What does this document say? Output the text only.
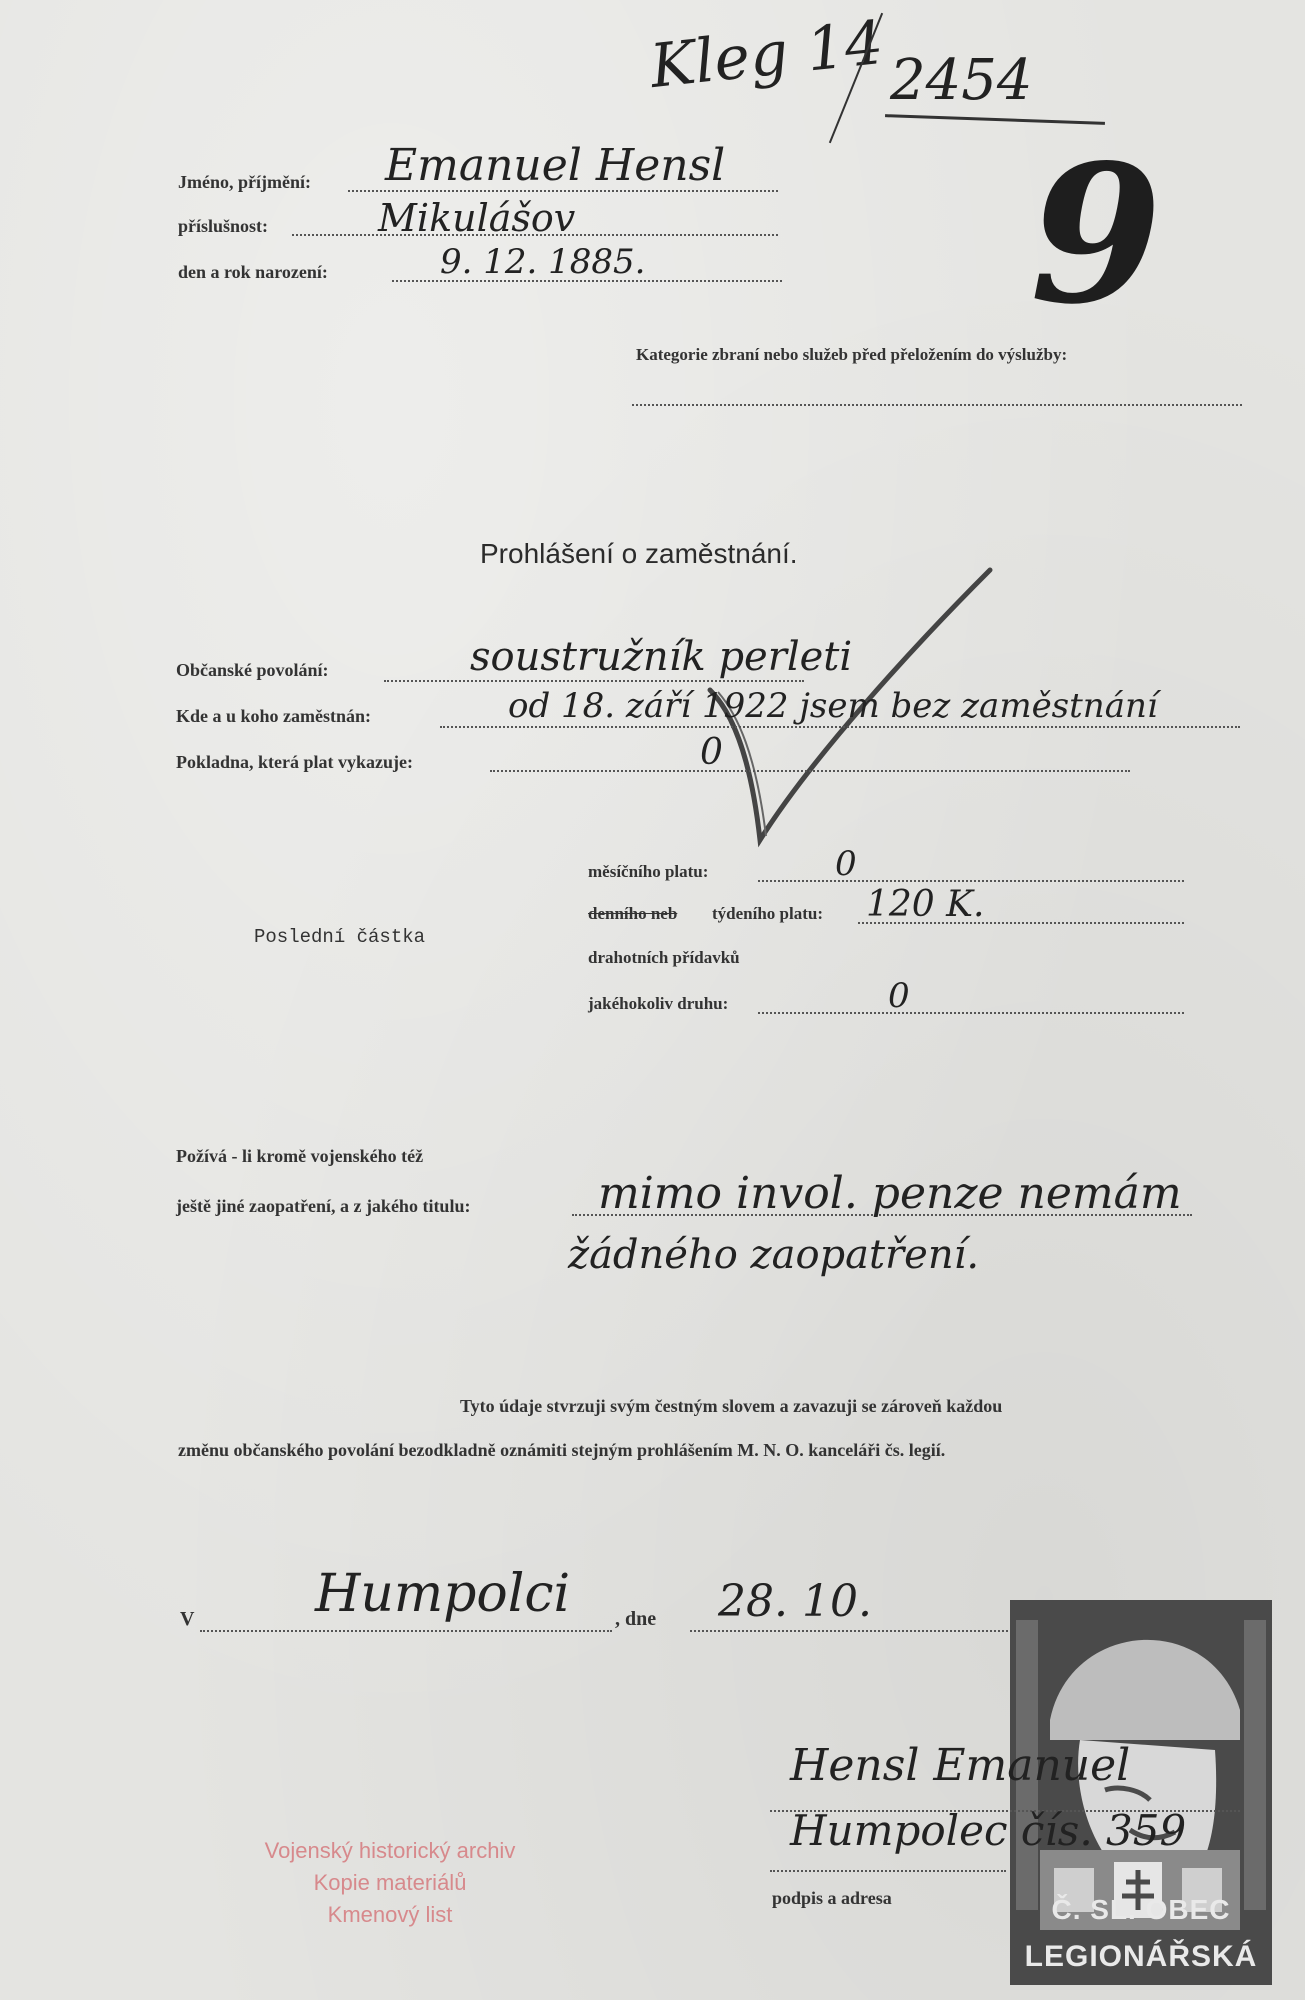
Kleg 14 2454
9
Jméno, příjmění: Emanuel Hensl
příslušnost:	Mikulášov
den a rok narození:	9. 12. 1885.
Kategorie zbraní nebo služeb před přeložením do výslužby:
Prohlášení o zaměstnání.
Občanské povolání:	soustružník perleti
Kde a u koho zaměstnán:	od 18. září 1922 jsem bez zaměstnání
Pokladna, která plat vykazuje:	0
Poslední částka
měsíčního platu:	0
denního neb týdeního platu: 120 K.
drahotních přídavků
jakéhokoliv druhu:	0
Požívá - li kromě vojenského též
ještě jiné zaopatření, a z jakého titulu:	mimo invol. penze nemám
žádného zaopatření.
Tyto údaje stvrzuji svým čestným slovem a zavazuji se zároveň každou
změnu občanského povolání bezodkladně oznámiti stejným prohlášením M. N. O. kanceláři čs. legií.
V Humpolci , dne 28. 10.
Č. SL. OBEC
LEGIONÁŘSKÁ
Hensl Emanuel
Humpolec čís. 359
podpis a adresa
Vojenský historický archiv
Kopie materiálů
Kmenový list
